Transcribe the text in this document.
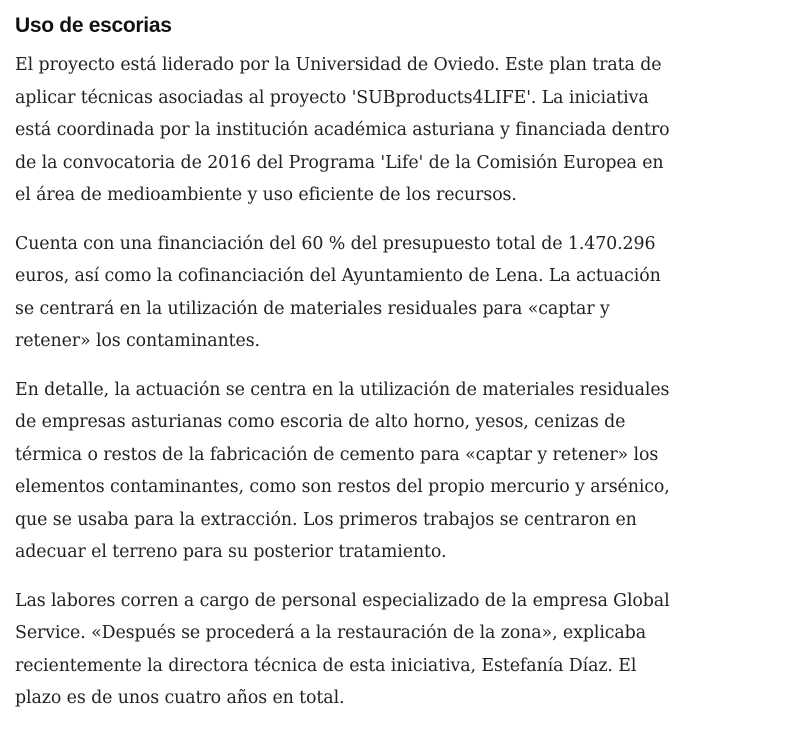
Uso de escorias

El proyecto está liderado por la Universidad de Oviedo. Este plan trata de
aplicar técnicas asociadas al proyecto 'SUBproducts4LIFE'. La iniciativa
está coordinada por la institución académica asturiana y financiada dentro
de la convocatoria de 2016 del Programa 'Life' de la Comisión Europea en
el área de medioambiente y uso eficiente de los recursos.

Cuenta con una financiación del 60 % del presupuesto total de 1.470.296
euros, así como la cofinanciación del Ayuntamiento de Lena. La actuación
se centrará en la utilización de materiales residuales para «captar y
retener» los contaminantes.

En detalle, la actuación se centra en la utilización de materiales residuales
de empresas asturianas como escoria de alto horno, yesos, cenizas de
térmica o restos de la fabricación de cemento para «captar y retener» los
elementos contaminantes, como son restos del propio mercurio y arsénico,
que se usaba para la extracción. Los primeros trabajos se centraron en
adecuar el terreno para su posterior tratamiento.

Las labores corren a cargo de personal especializado de la empresa Global
Service. «Después se procederá a la restauración de la zona», explicaba
recientemente la directora técnica de esta iniciativa, Estefanía Díaz. El
plazo es de unos cuatro años en total.
